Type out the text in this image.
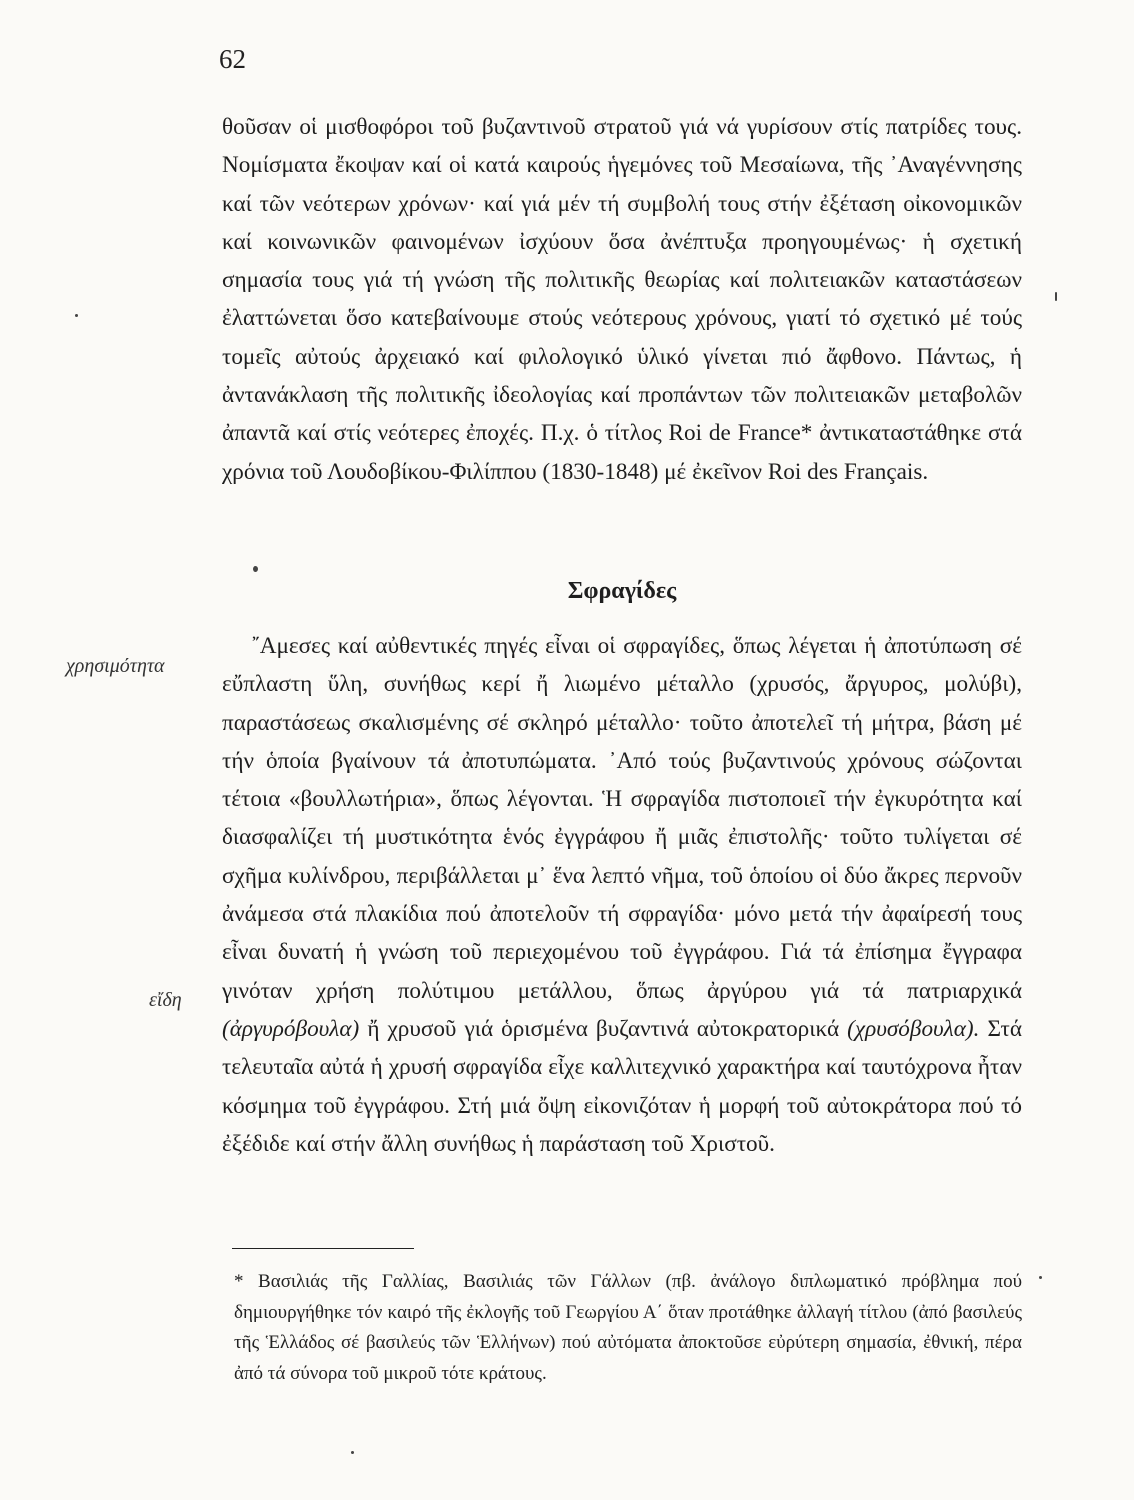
62

θοῦσαν οἱ μισθοφόροι τοῦ βυζαντινοῦ στρατοῦ γιά νά γυρίσουν στίς πατρίδες τους. Νομίσματα ἔκοψαν καί οἱ κατά καιρούς ἡγεμόνες τοῦ Μεσαίωνα, τῆς ᾿Αναγέννησης καί τῶν νεότερων χρόνων· καί γιά μέν τή συμβολή τους στήν ἐξέταση οἰκονομικῶν καί κοινωνικῶν φαινομένων ἰσχύουν ὅσα ἀνέπτυξα προηγουμένως· ἡ σχετική σημασία τους γιά τή γνώση τῆς πολιτικῆς θεωρίας καί πολιτειακῶν καταστάσεων ἐλαττώνεται ὅσο κατεβαίνουμε στούς νεότερους χρόνους, γιατί τό σχετικό μέ τούς τομεῖς αὐτούς ἀρχειακό καί φιλολογικό ὑλικό γίνεται πιό ἄφθονο. Πάντως, ἡ ἀντανάκλαση τῆς πολιτικῆς ἰδεολογίας καί προπάντων τῶν πολιτειακῶν μεταβολῶν ἀπαντᾶ καί στίς νεότερες ἐποχές. Π.χ. ὁ τίτλος Roi de France* ἀντικαταστάθηκε στά χρόνια τοῦ Λουδοβίκου-Φιλίππου (1830-1848) μέ ἐκεῖνον Roi des Français.

Σφραγίδες
῎Αμεσες καί αὐθεντικές πηγές εἶναι οἱ σφραγίδες, ὅπως λέγεται ἡ ἀποτύπωση σέ εὔπλαστη ὕλη, συνήθως κερί ἤ λιωμένο μέταλλο (χρυσός, ἄργυρος, μολύβι), παραστάσεως σκαλισμένης σέ σκληρό μέταλλο· τοῦτο ἀποτελεῖ τή μήτρα, βάση μέ τήν ὁποία βγαίνουν τά ἀποτυπώματα. ᾿Από τούς βυζαντινούς χρόνους σώζονται τέτοια «βουλλωτήρια», ὅπως λέγονται. Ἡ σφραγίδα πιστοποιεῖ τήν ἐγκυρότητα καί διασφαλίζει τή μυστικότητα ἑνός ἐγγράφου ἤ μιᾶς ἐπιστολῆς· τοῦτο τυλίγεται σέ σχῆμα κυλίνδρου, περιβάλλεται μ᾿ ἕνα λεπτό νῆμα, τοῦ ὁποίου οἱ δύο ἄκρες περνοῦν ἀνάμεσα στά πλακίδια πού ἀποτελοῦν τή σφραγίδα· μόνο μετά τήν ἀφαίρεσή τους εἶναι δυνατή ἡ γνώση τοῦ περιεχομένου τοῦ ἐγγράφου. Γιά τά ἐπίσημα ἔγγραφα γινόταν χρήση πολύτιμου μετάλλου, ὅπως ἀργύρου γιά τά πατριαρχικά (ἀργυρόβουλα) ἤ χρυσοῦ γιά ὁρισμένα βυζαντινά αὐτοκρατορικά (χρυσόβουλα). Στά τελευταῖα αὐτά ἡ χρυσή σφραγίδα εἶχε καλλιτεχνικό χαρακτήρα καί ταυτόχρονα ἦταν κόσμημα τοῦ ἐγγράφου. Στή μιά ὄψη εἰκονιζόταν ἡ μορφή τοῦ αὐτοκράτορα πού τό ἐξέδιδε καί στήν ἄλλη συνήθως ἡ παράσταση τοῦ Χριστοῦ.
χρησιμότητα
εἴδη

* Βασιλιάς τῆς Γαλλίας, Βασιλιάς τῶν Γάλλων (πβ. ἀνάλογο διπλωματικό πρόβλημα πού δημιουργήθηκε τόν καιρό τῆς ἐκλογῆς τοῦ Γεωργίου Α΄ ὅταν προτάθηκε ἀλλαγή τίτλου (ἀπό βασιλεύς τῆς Ἑλλάδος σέ βασιλεύς τῶν Ἑλλήνων) πού αὐτόματα ἀποκτοῦσε εὐρύτερη σημασία, ἐθνική, πέρα ἀπό τά σύνορα τοῦ μικροῦ τότε κράτους.
